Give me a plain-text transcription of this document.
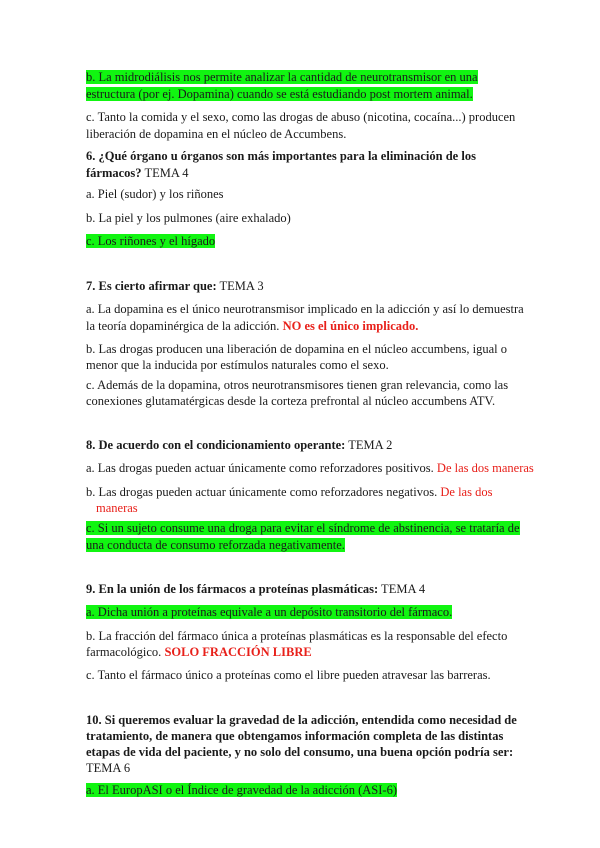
b. La midrodiálisis nos permite analizar la cantidad de neurotransmisor en una
estructura (por ej. Dopamina) cuando se está estudiando post mortem animal.
c. Tanto la comida y el sexo, como las drogas de abuso (nicotina, cocaína...) producen
liberación de dopamina en el núcleo de Accumbens.
6. ¿Qué órgano u órganos son más importantes para la eliminación de los
fármacos? TEMA 4
a. Piel (sudor) y los riñones
b. La piel y los pulmones (aire exhalado)
c. Los riñones y el hígado
7. Es cierto afirmar que: TEMA 3
a. La dopamina es el único neurotransmisor implicado en la adicción y así lo demuestra
la teoría dopaminérgica de la adicción. NO es el único implicado.
b. Las drogas producen una liberación de dopamina en el núcleo accumbens, igual o
menor que la inducida por estímulos naturales como el sexo.
c. Además de la dopamina, otros neurotransmisores tienen gran relevancia, como las
conexiones glutamatérgicas desde la corteza prefrontal al núcleo accumbens ATV.
8. De acuerdo con el condicionamiento operante: TEMA 2
a. Las drogas pueden actuar únicamente como reforzadores positivos. De las dos maneras
b. Las drogas pueden actuar únicamente como reforzadores negativos. De las dos
maneras
c. Si un sujeto consume una droga para evitar el síndrome de abstinencia, se trataría de
una conducta de consumo reforzada negativamente.
9. En la unión de los fármacos a proteínas plasmáticas: TEMA 4
a. Dicha unión a proteínas equivale a un depósito transitorio del fármaco.
b. La fracción del fármaco única a proteínas plasmáticas es la responsable del efecto
farmacológico. SOLO FRACCIÓN LIBRE
c. Tanto el fármaco único a proteínas como el libre pueden atravesar las barreras.
10. Si queremos evaluar la gravedad de la adicción, entendida como necesidad de
tratamiento, de manera que obtengamos información completa de las distintas
etapas de vida del paciente, y no solo del consumo, una buena opción podría ser:
TEMA 6
a. El EuropASI o el Índice de gravedad de la adicción (ASI-6)
